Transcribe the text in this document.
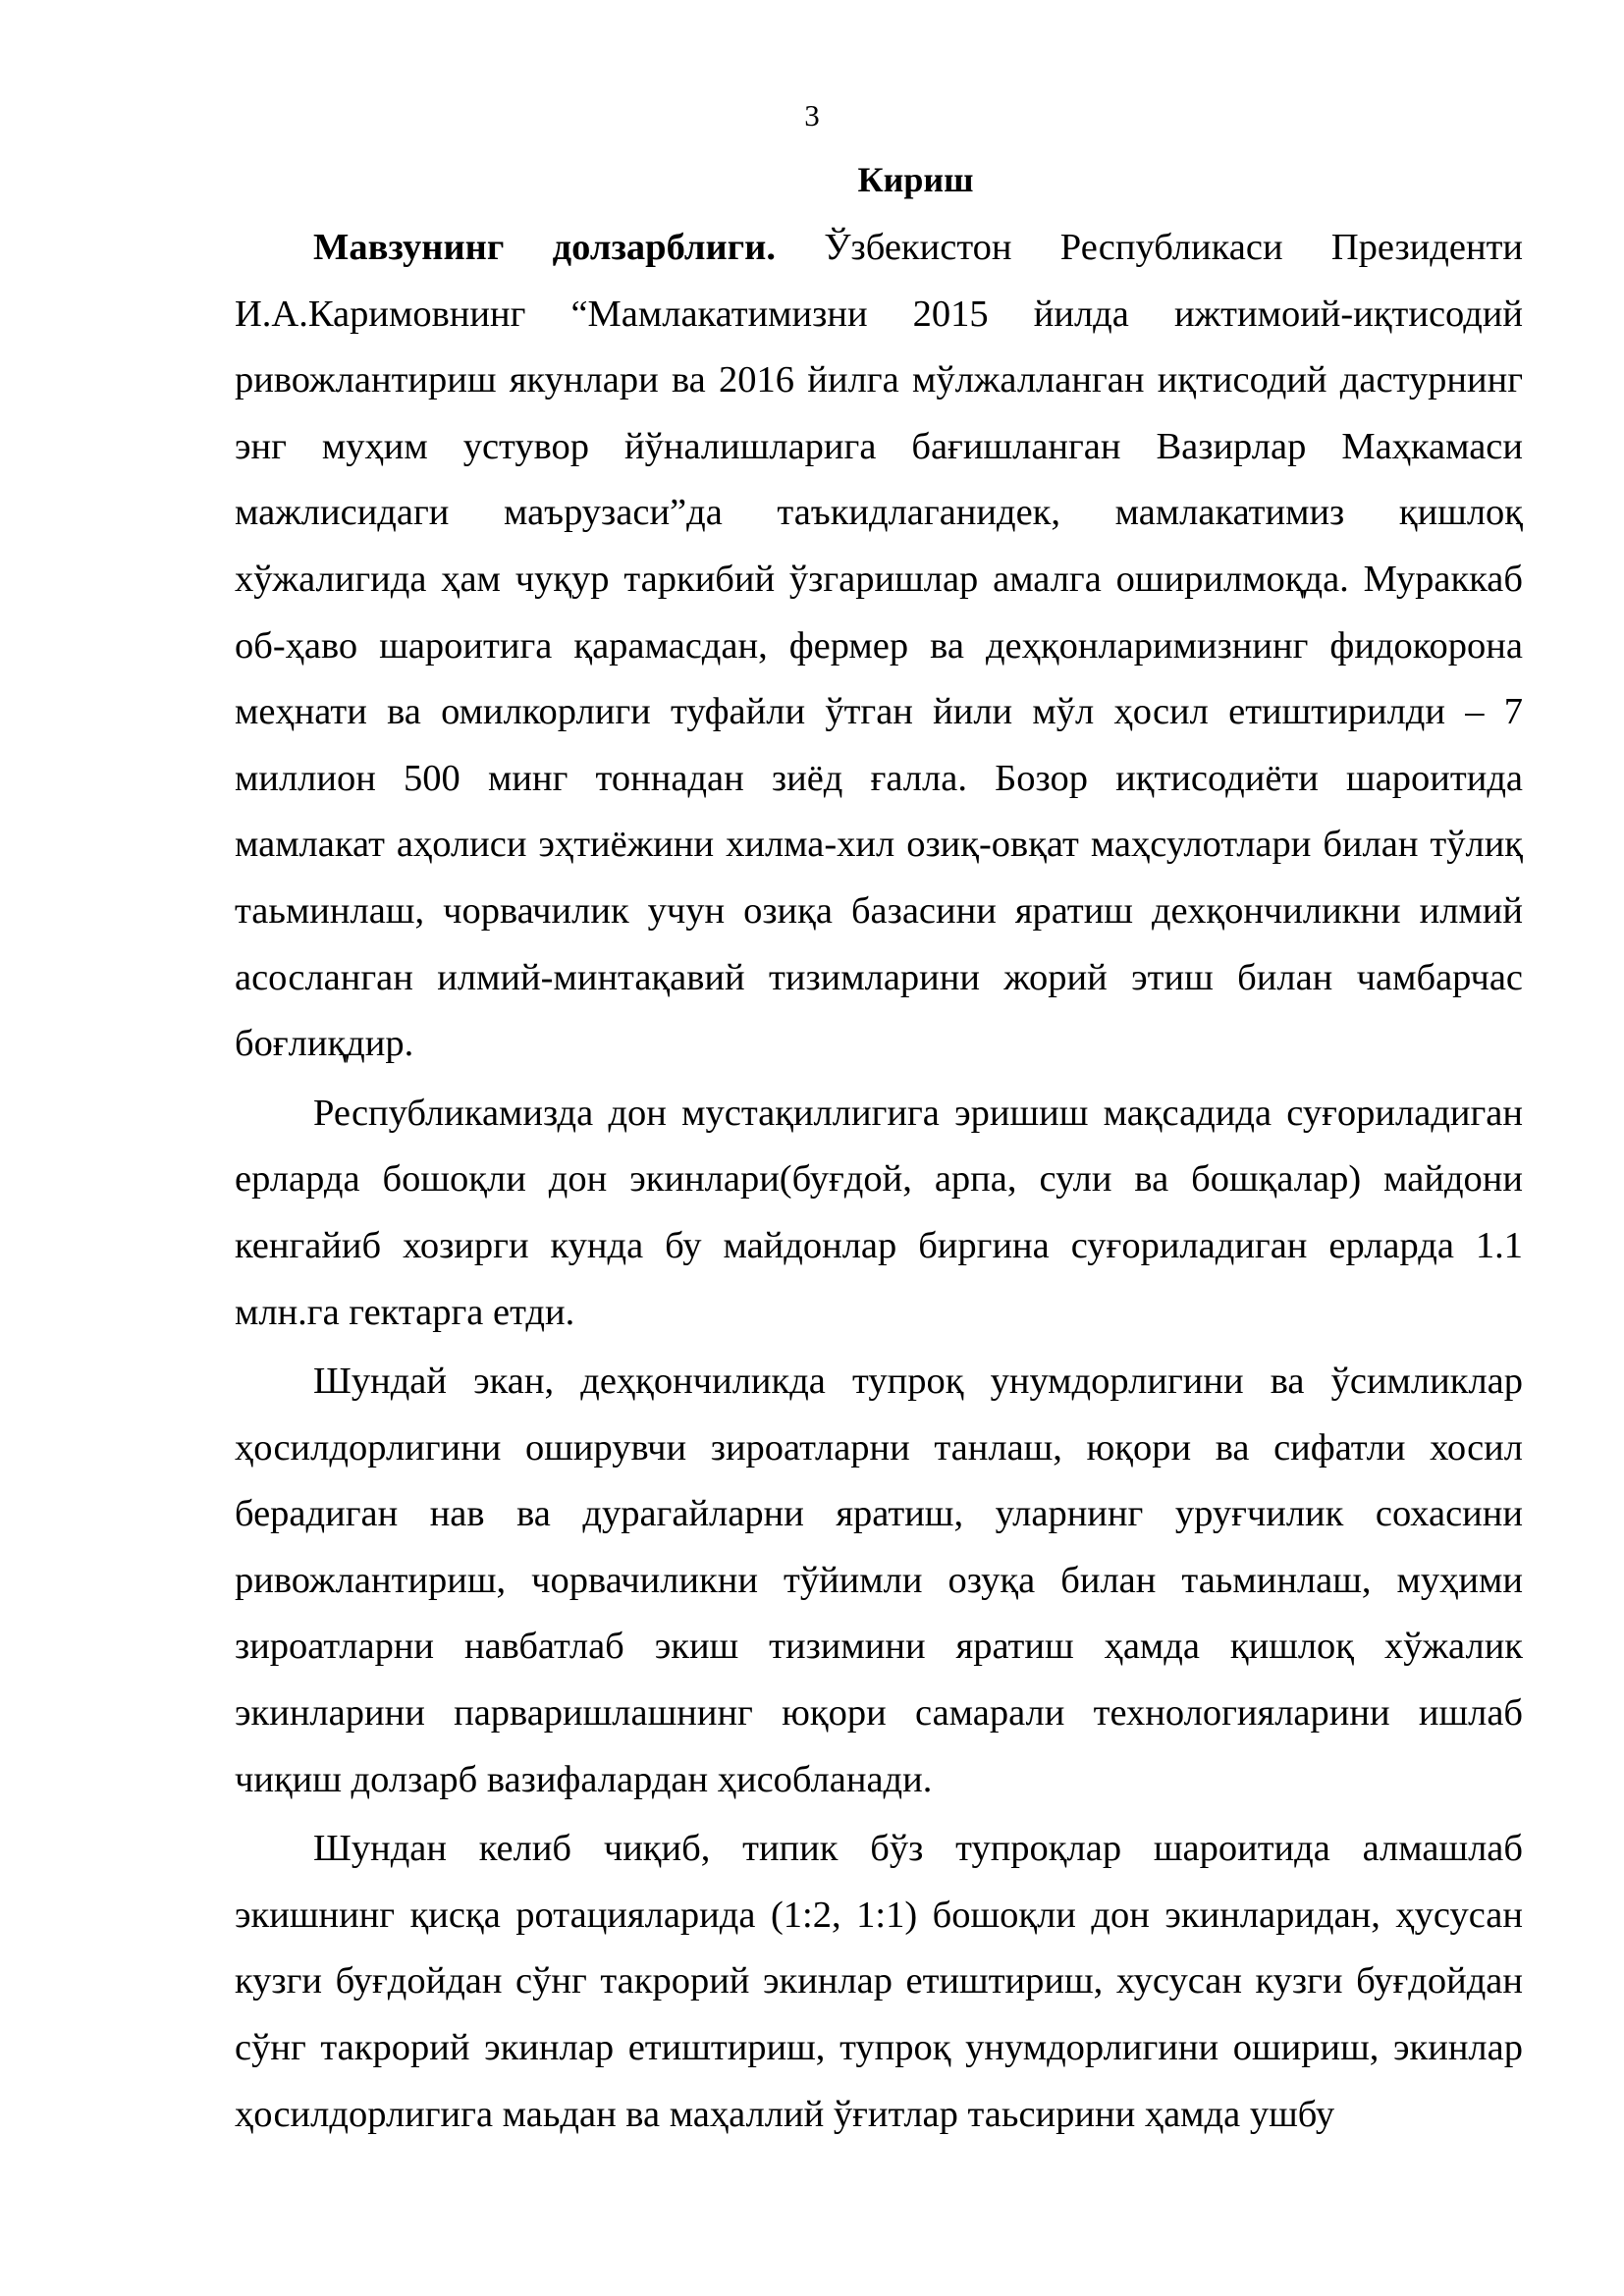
3
Кириш

Мавзунинг долзарблиги. Ўзбекистон Республикаси Президенти И.А.Каримовнинг “Мамлакатимизни 2015 йилда ижтимоий-иқтисодий ривожлантириш якунлари ва 2016 йилга мўлжалланган иқтисодий дастурнинг энг муҳим устувор йўналишларига бағишланган Вазирлар Маҳкамаси мажлисидаги маърузаси”да таъкидлаганидек, мамлакатимиз қишлоқ хўжалигида ҳам чуқур таркибий ўзгаришлар амалга оширилмоқда. Мураккаб об-ҳаво шароитига қарамасдан, фермер ва деҳқонларимизнинг фидокорона меҳнати ва омилкорлиги туфайли ўтган йили мўл ҳосил етиштирилди – 7 миллион 500 минг тоннадан зиёд ғалла. Бозор иқтисодиёти шароитида мамлакат аҳолиси эҳтиёжини хилма-хил озиқ-овқат маҳсулотлари билан тўлиқ таьминлаш, чорвачилик учун озиқа базасини яратиш дехқончиликни илмий асосланган илмий-минтақавий тизимларини жорий этиш билан чамбарчас боғлиқдир.

Республикамизда дон мустақиллигига эришиш мақсадида суғориладиган ерларда бошоқли дон экинлари(буғдой, арпа, сули ва бошқалар) майдони кенгайиб хозирги кунда бу майдонлар биргина суғориладиган ерларда 1.1 млн.га гектарга етди.

Шундай экан, деҳқончиликда тупроқ унумдорлигини ва ўсимликлар ҳосилдорлигини оширувчи зироатларни танлаш, юқори ва сифатли хосил берадиган нав ва дурагайларни яратиш, уларнинг уруғчилик сохасини ривожлантириш, чорвачиликни тўйимли озуқа билан таьминлаш, муҳими зироатларни навбатлаб экиш тизимини яратиш ҳамда қишлоқ хўжалик экинларини парваришлашнинг юқори самарали технологияларини ишлаб чиқиш долзарб вазифалардан ҳисобланади.

Шундан келиб чиқиб, типик бўз тупроқлар шароитида алмашлаб экишнинг қисқа ротацияларида (1:2, 1:1) бошоқли дон экинларидан, ҳусусан кузги буғдойдан сўнг такрорий экинлар етиштириш, хусусан кузги буғдойдан сўнг такрорий экинлар етиштириш, тупроқ унумдорлигини ошириш, экинлар ҳосилдорлигига маьдан ва маҳаллий ўғитлар таьсирини ҳамда ушбу
